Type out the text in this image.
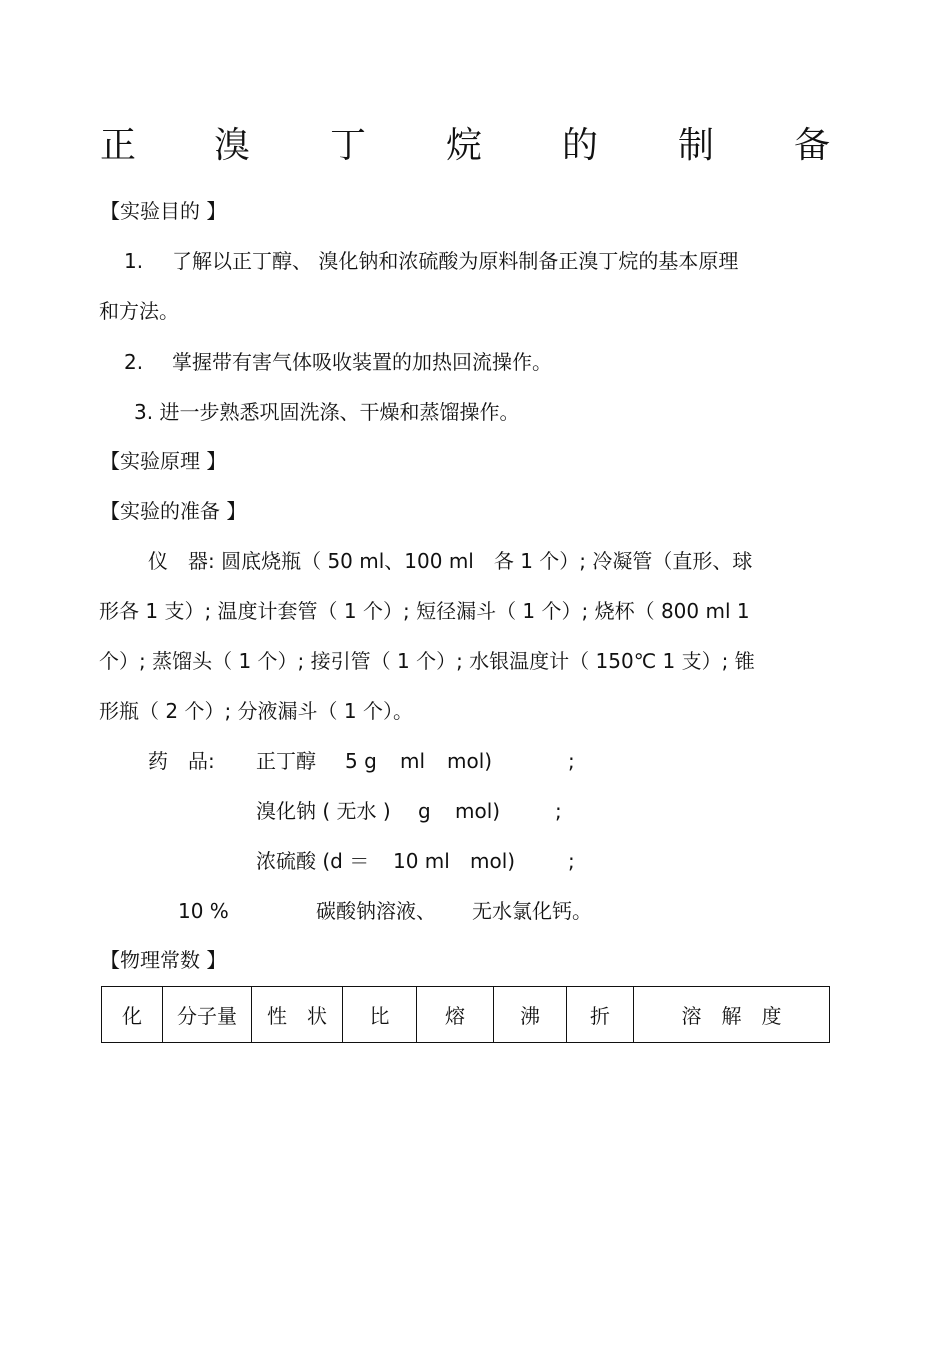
正 溴 丁 烷 的 制 备
【实验目的 】
1. 了解以正丁醇、 溴化钠和浓硫酸为原料制备正溴丁烷的基本原理
和方法。
2. 掌握带有害气体吸收装置的加热回流操作。
3. 进一步熟悉巩固洗涤、干燥和蒸馏操作。
【实验原理 】
【实验的准备 】
仪　器: 圆底烧瓶（ 50 ml、100 ml　各 1 个）; 冷凝管（直形、球
形各 1 支）; 温度计套管（ 1 个）; 短径漏斗（ 1 个）; 烧杯（ 800 ml 1
个）; 蒸馏头（ 1 个）; 接引管（ 1 个）; 水银温度计（ 150℃ 1 支）; 锥
形瓶（ 2 个）; 分液漏斗（ 1 个）。
药　品: 正丁醇 5 g ml mol)	;
溴化钠 ( 无水 ) g mol)	;
浓硫酸 (d ＝ 10 ml mol)	;
10 %	碳酸钠溶液、 无水氯化钙。
【物理常数 】
化	分子量	性　状	比	熔	沸	折	溶　解　度
